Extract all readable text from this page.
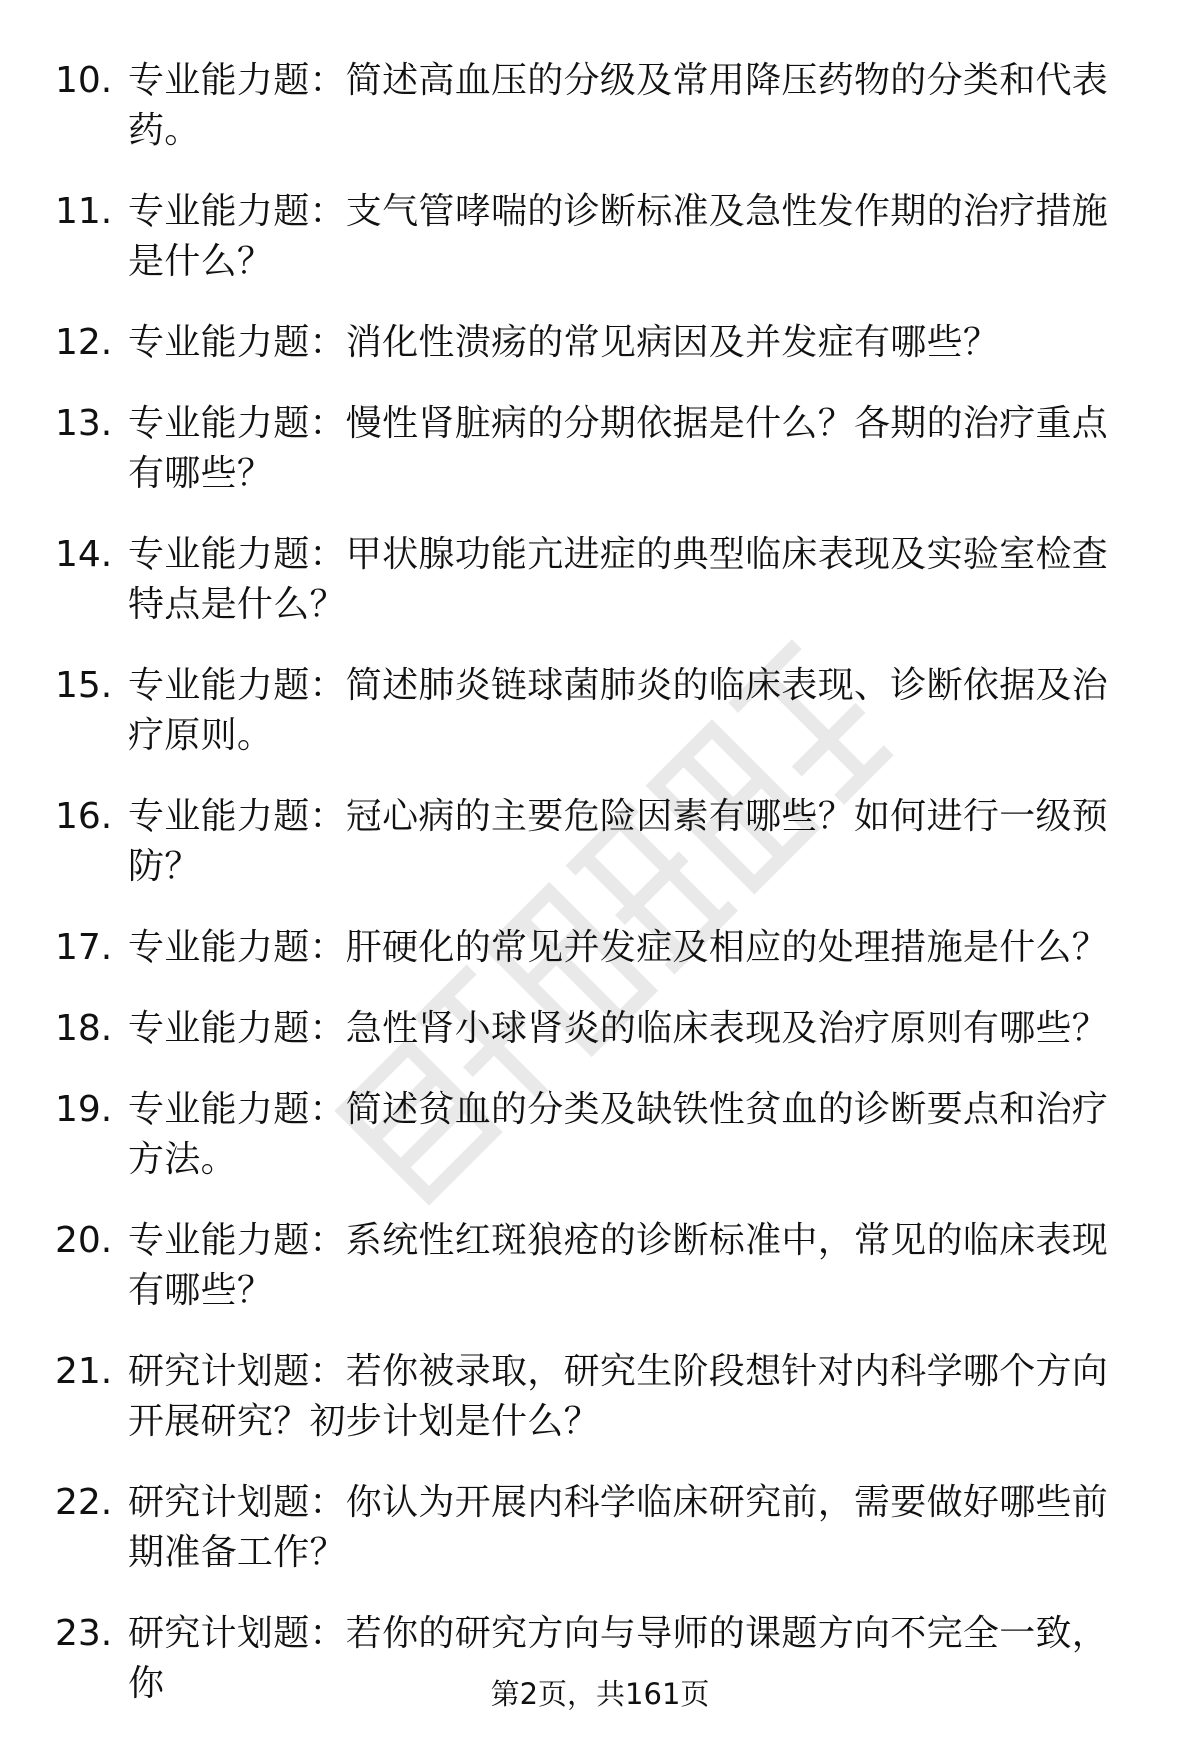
10. 专业能力题：简述高血压的分级及常用降压药物的分类和代表药。
11. 专业能力题：支气管哮喘的诊断标准及急性发作期的治疗措施是什么？
12. 专业能力题：消化性溃疡的常见病因及并发症有哪些？
13. 专业能力题：慢性肾脏病的分期依据是什么？各期的治疗重点有哪些？
14. 专业能力题：甲状腺功能亢进症的典型临床表现及实验室检查特点是什么？
15. 专业能力题：简述肺炎链球菌肺炎的临床表现、诊断依据及治疗原则。
16. 专业能力题：冠心病的主要危险因素有哪些？如何进行一级预防？
17. 专业能力题：肝硬化的常见并发症及相应的处理措施是什么？
18. 专业能力题：急性肾小球肾炎的临床表现及治疗原则有哪些？
19. 专业能力题：简述贫血的分类及缺铁性贫血的诊断要点和治疗方法。
20. 专业能力题：系统性红斑狼疮的诊断标准中，常见的临床表现有哪些？
21. 研究计划题：若你被录取，研究生阶段想针对内科学哪个方向开展研究？初步计划是什么？
22. 研究计划题：你认为开展内科学临床研究前，需要做好哪些前期准备工作？
23. 研究计划题：若你的研究方向与导师的课题方向不完全一致，你	第2页，共161页
